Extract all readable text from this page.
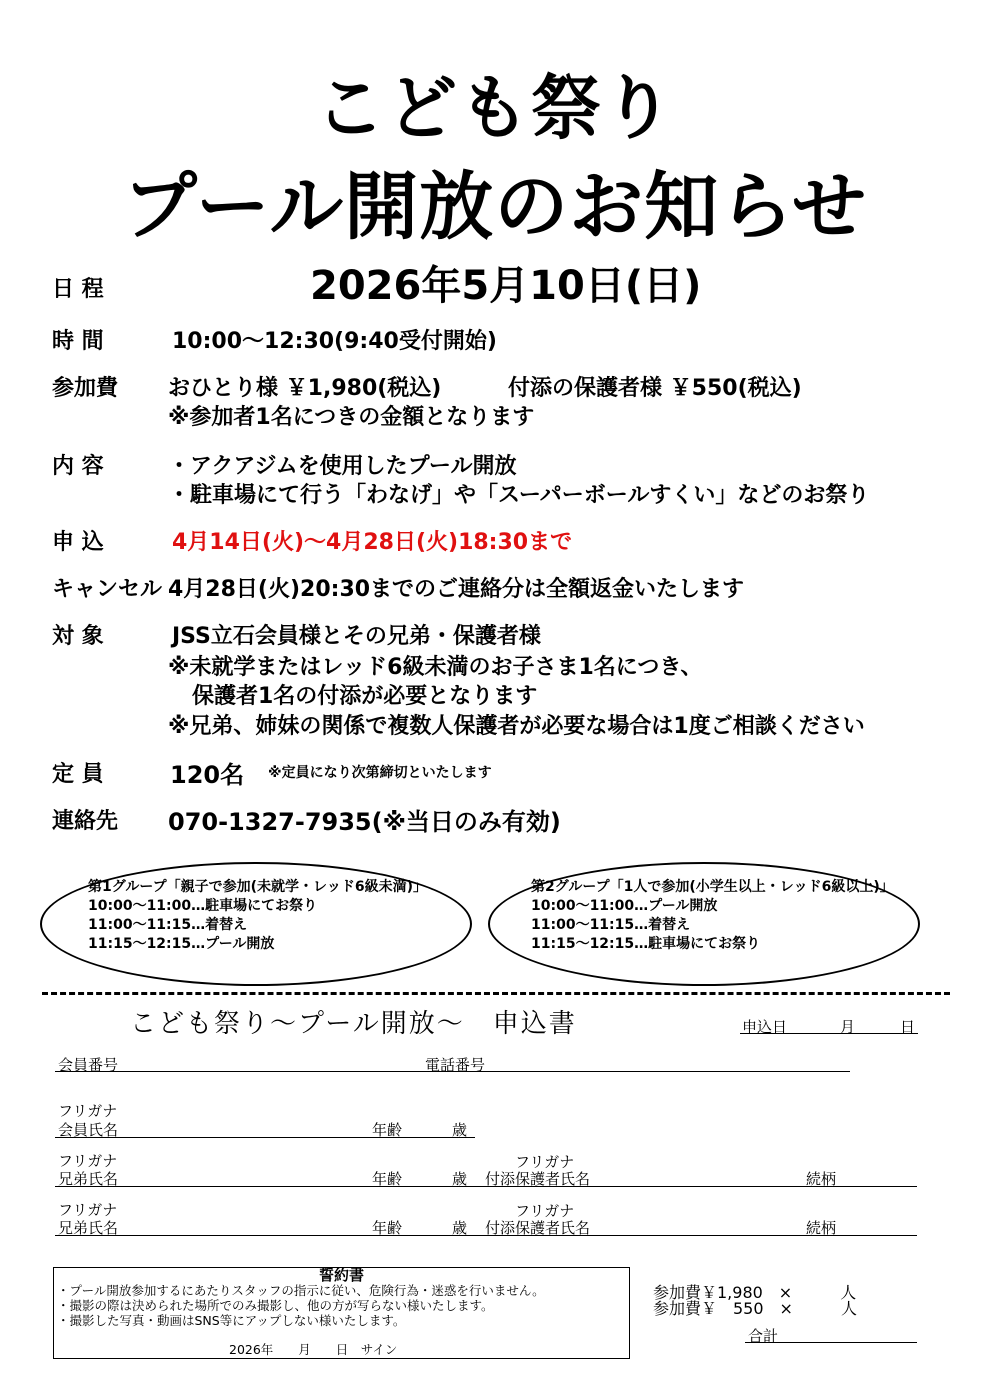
こども祭り
プール開放のお知らせ
日 程	2026年5月10日(日)
時 間	10:00～12:30(9:40受付開始)
参加費 おひとり様 ￥1,980(税込)	付添の保護者様 ￥550(税込)
※参加者1名につきの金額となります
内 容	・アクアジムを使用したプール開放
・駐車場にて行う「わなげ」や「スーパーボールすくい」などのお祭り
申 込	4月14日(火)～4月28日(火)18:30まで
キャンセル 4月28日(火)20:30までのご連絡分は全額返金いたします
対 象	JSS立石会員様とその兄弟・保護者様
※未就学またはレッド6級未満のお子さま1名につき、
保護者1名の付添が必要となります
※兄弟、姉妹の関係で複数人保護者が必要な場合は1度ご相談ください
定 員	120名 ※定員になり次第締切といたします
連絡先 070-1327-7935(※当日のみ有効)
第1グループ「親子で参加(未就学・レッド6級未満)」
10:00～11:00…駐車場にてお祭り
11:00～11:15…着替え
11:15～12:15…プール開放
第2グループ「1人で参加(小学生以上・レッド6級以上)」
10:00～11:00…プール開放
11:00～11:15…着替え
11:15～12:15…駐車場にてお祭り
こども祭り～プール開放～　申込書	申込日	月	日
会員番号	電話番号
フリガナ
会員氏名	年齢	歳
フリガナ	フリガナ
兄弟氏名	年齢	歳 付添保護者氏名	続柄
フリガナ	フリガナ
兄弟氏名	年齢	歳 付添保護者氏名	続柄
誓約書
・プール開放参加するにあたりスタッフの指示に従い、危険行為・迷惑を行いません。
・撮影の際は決められた場所でのみ撮影し、他の方が写らない様いたします。
・撮影した写真・動画はSNS等にアップしない様いたします。
2026年　　月　　日　サイン
参加費￥1,980　×　　　人
参加費￥　550　×　　　人
合計
